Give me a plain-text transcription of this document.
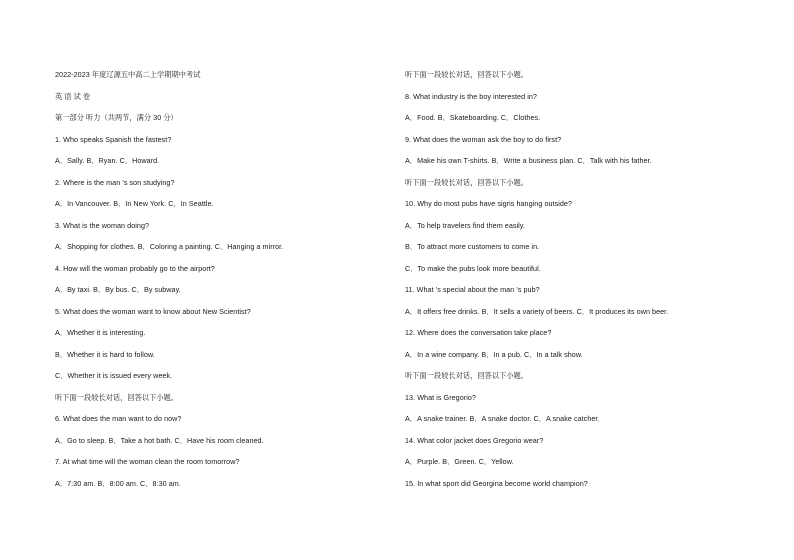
2022-2023 年度辽源五中高二上学期期中考试
英 语 试 卷
第一部分 听力（共两节，满分 30 分）
1. Who speaks Spanish the fastest?
A．Sally. B．Ryan. C．Howard.
2. Where is the man ’s son studying?
A．In Vancouver. B．In New York. C．In Seattle.
3. What is the woman doing?
A．Shopping for clothes. B．Coloring a painting. C．Hanging a mirror.
4. How will the woman probably go to the airport?
A．By taxi. B．By bus. C．By subway.
5. What does the woman want to know about New Scientist?
A．Whether it is interesting.
B．Whether it is hard to follow.
C．Whether it is issued every week.
听下面一段较长对话，回答以下小题。
6. What does the man want to do now?
A．Go to sleep. B．Take a hot bath. C．Have his room cleaned.
7. At what time will the woman clean the room tomorrow?
A．7:30 am. B．8:00 am. C．8:30 am.
听下面一段较长对话，回答以下小题。
8. What industry is the boy interested in?
A．Food. B．Skateboarding. C．Clothes.
9. What does the woman ask the boy to do first?
A．Make his own T-shirts. B．Write a business plan. C．Talk with his father.
听下面一段较长对话，回答以下小题。
10. Why do most pubs have signs hanging outside?
A．To help travelers find them easily.
B．To attract more customers to come in.
C．To make the pubs look more beautiful.
11. What ’s special about the man ’s pub?
A．It offers free drinks. B．It sells a variety of beers. C．It produces its own beer.
12. Where does the conversation take place?
A．In a wine company. B．In a pub. C．In a talk show.
听下面一段较长对话，回答以下小题。
13. What is Gregorio?
A．A snake trainer. B．A snake doctor. C．A snake catcher.
14. What color jacket does Gregorio wear?
A．Purple. B．Green. C．Yellow.
15. In what sport did Georgina become world champion?
